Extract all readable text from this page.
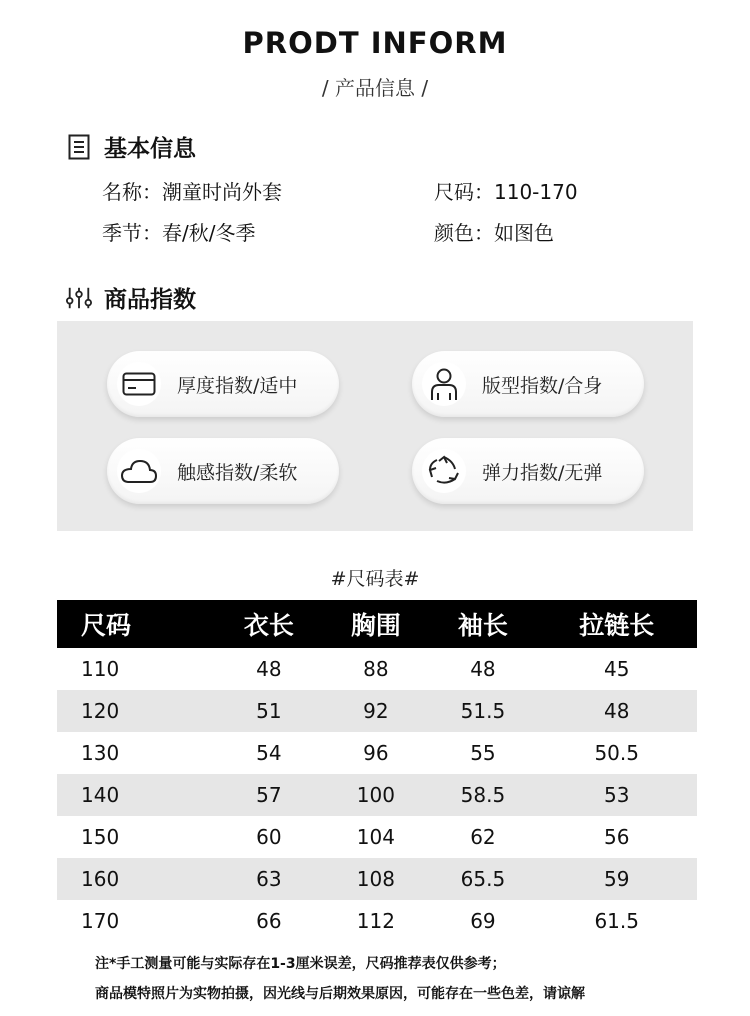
PRODT INFORM
/ 产品信息 /
基本信息
名称：潮童时尚外套	尺码：110-170
季节：春/秋/冬季	颜色：如图色
商品指数
厚度指数/适中	版型指数/合身
触感指数/柔软	弹力指数/无弹
#尺码表#
尺码	衣长	胸围	袖长	拉链长
110	48	88	48	45
120	51	92	51.5	48
130	54	96	55	50.5
140	57	100	58.5	53
150	60	104	62	56
160	63	108	65.5	59
170	66	112	69	61.5
注*手工测量可能与实际存在1-3厘米误差，尺码推荐表仅供参考；
商品模特照片为实物拍摄，因光线与后期效果原因，可能存在一些色差，请谅解
